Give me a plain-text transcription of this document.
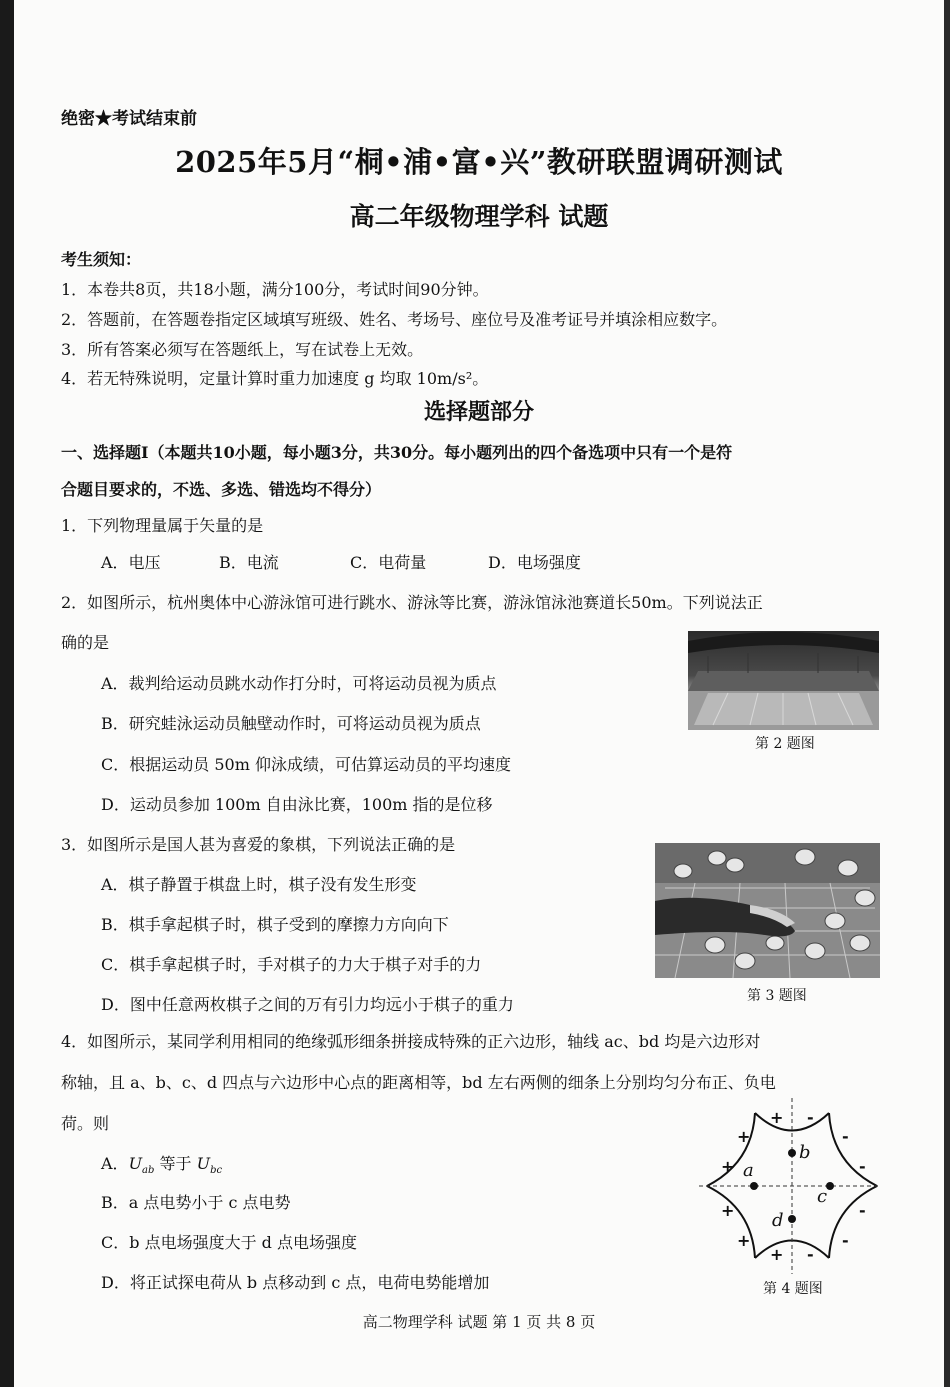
绝密★考试结束前
2025年5月“桐•浦•富•兴”教研联盟调研测试
高二年级物理学科 试题
考生须知：
1．本卷共8页，共18小题，满分100分，考试时间90分钟。
2．答题前，在答题卷指定区域填写班级、姓名、考场号、座位号及准考证号并填涂相应数字。
3．所有答案必须写在答题纸上，写在试卷上无效。
4．若无特殊说明，定量计算时重力加速度 g 均取 10m/s²。
选择题部分
一、选择题Ⅰ（本题共10小题，每小题3分，共30分。每小题列出的四个备选项中只有一个是符
合题目要求的，不选、多选、错选均不得分）
1．下列物理量属于矢量的是
A．电压	B．电流	C．电荷量	D．电场强度
2．如图所示，杭州奥体中心游泳馆可进行跳水、游泳等比赛，游泳馆泳池赛道长50m。下列说法正
确的是
A．裁判给运动员跳水动作打分时，可将运动员视为质点
B．研究蛙泳运动员触壁动作时，可将运动员视为质点
C．根据运动员 50m 仰泳成绩，可估算运动员的平均速度
D．运动员参加 100m 自由泳比赛，100m 指的是位移
第 2 题图
3．如图所示是国人甚为喜爱的象棋，下列说法正确的是
A．棋子静置于棋盘上时，棋子没有发生形变
B．棋手拿起棋子时，棋子受到的摩擦力方向向下
C．棋手拿起棋子时，手对棋子的力大于棋子对手的力
D．图中任意两枚棋子之间的万有引力均远小于棋子的重力	第 3 题图
4．如图所示，某同学利用相同的绝缘弧形细条拼接成特殊的正六边形，轴线 ac、bd 均是六边形对
称轴，且 a、b、c、d 四点与六边形中心点的距离相等，bd 左右两侧的细条上分别均匀分布正、负电
荷。则
A．$U_{ab}$ 等于 $U_{bc}$
B．a 点电势小于 c 点电势
C．b 点电场强度大于 d 点电场强度
D．将正试探电荷从 b 点移动到 c 点，电荷电势能增加
a
b
c
d
+
+
+
+
+
+
-
-
-
-
-
-
第 4 题图
高二物理学科 试题 第 1 页 共 8 页
